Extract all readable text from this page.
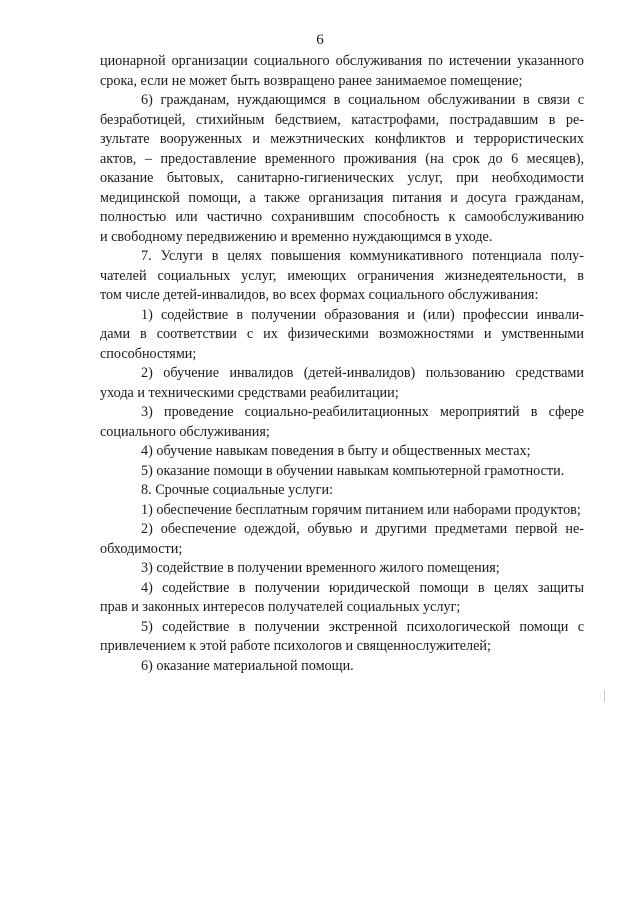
6
ционарной организации социального обслуживания по истечении указанного
срока, если не может быть возвращено ранее занимаемое помещение;
6) гражданам, нуждающимся в социальном обслуживании в связи с
безработицей, стихийным бедствием, катастрофами, пострадавшим в ре-
зультате вооруженных и межэтнических конфликтов и террористических
актов, – предоставление временного проживания (на срок до 6 месяцев),
оказание бытовых, санитарно-гигиенических услуг, при необходимости
медицинской помощи, а также организация питания и досуга гражданам,
полностью или частично сохранившим способность к самообслуживанию
и свободному передвижению и временно нуждающимся в уходе.
7. Услуги в целях повышения коммуникативного потенциала полу-
чателей социальных услуг, имеющих ограничения жизнедеятельности, в
том числе детей-инвалидов, во всех формах социального обслуживания:
1) содействие в получении образования и (или) профессии инвали-
дами в соответствии с их физическими возможностями и умственными
способностями;
2) обучение инвалидов (детей-инвалидов) пользованию средствами
ухода и техническими средствами реабилитации;
3) проведение социально-реабилитационных мероприятий в сфере
социального обслуживания;
4) обучение навыкам поведения в быту и общественных местах;
5) оказание помощи в обучении навыкам компьютерной грамотности.
8. Срочные социальные услуги:
1) обеспечение бесплатным горячим питанием или наборами продуктов;
2) обеспечение одеждой, обувью и другими предметами первой не-
обходимости;
3) содействие в получении временного жилого помещения;
4) содействие в получении юридической помощи в целях защиты
прав и законных интересов получателей социальных услуг;
5) содействие в получении экстренной психологической помощи с
привлечением к этой работе психологов и священнослужителей;
6) оказание материальной помощи.
